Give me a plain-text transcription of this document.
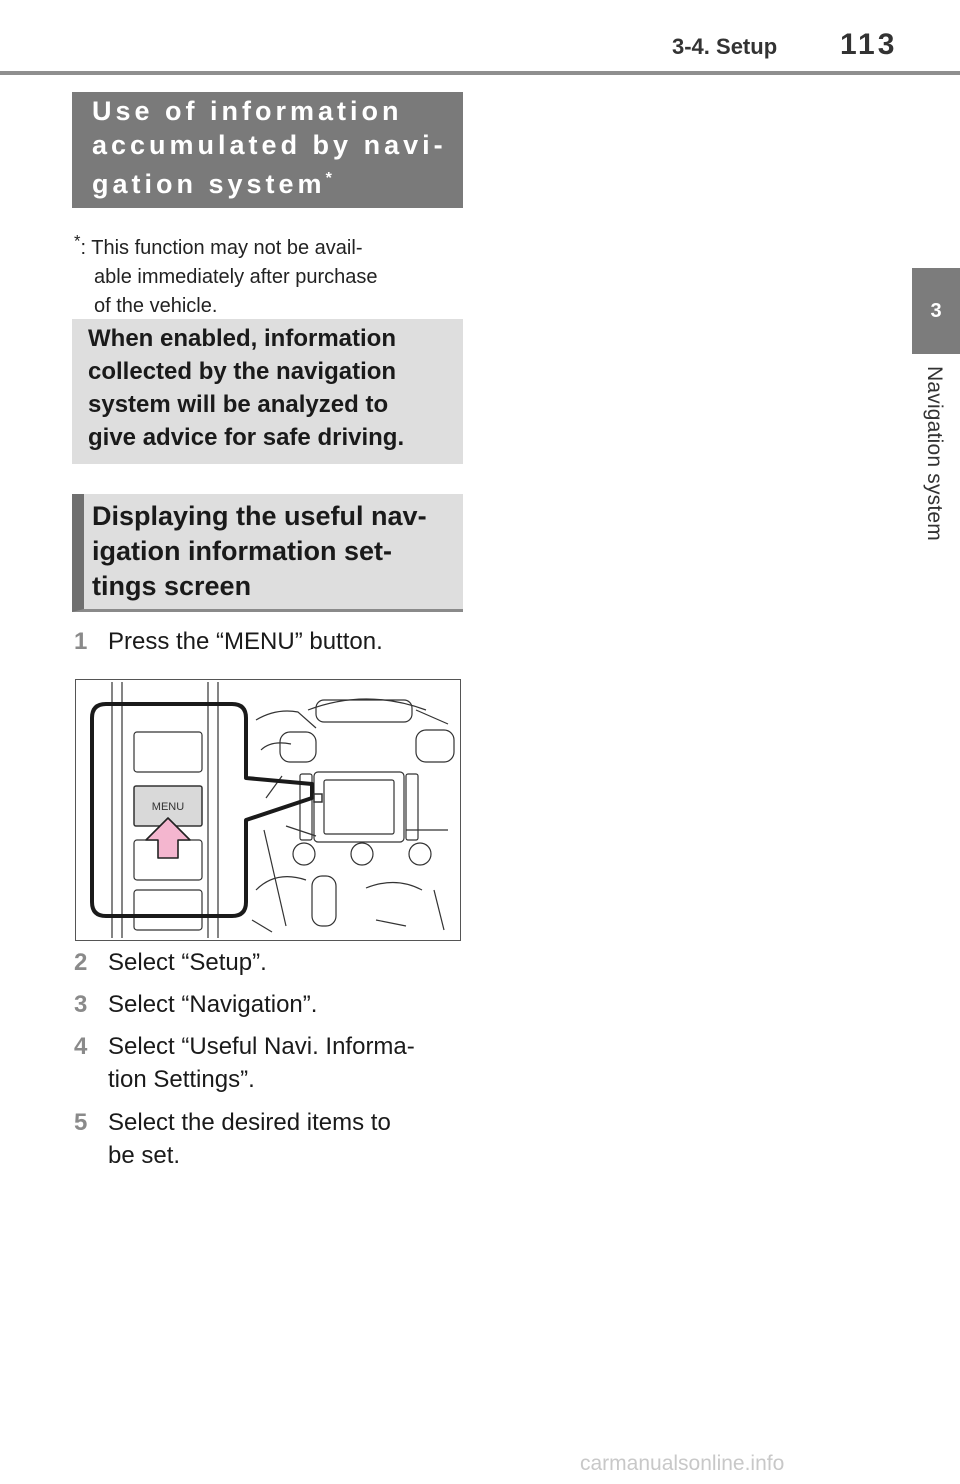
3-4. Setup 113
3
Navigation system
Use of information
accumulated by navi-
gation system*
*: This function may not be avail-
able immediately after purchase
of the vehicle.
When enabled, information
collected by the navigation
system will be analyzed to
give advice for safe driving.
Displaying the useful nav-
igation information set-
tings screen
1 Press the “MENU” button.
MENU
2 Select “Setup”.
3 Select “Navigation”.
4 Select “Useful Navi. Informa-
tion Settings”.
5 Select the desired items to
be set.
carmanualsonline.info
